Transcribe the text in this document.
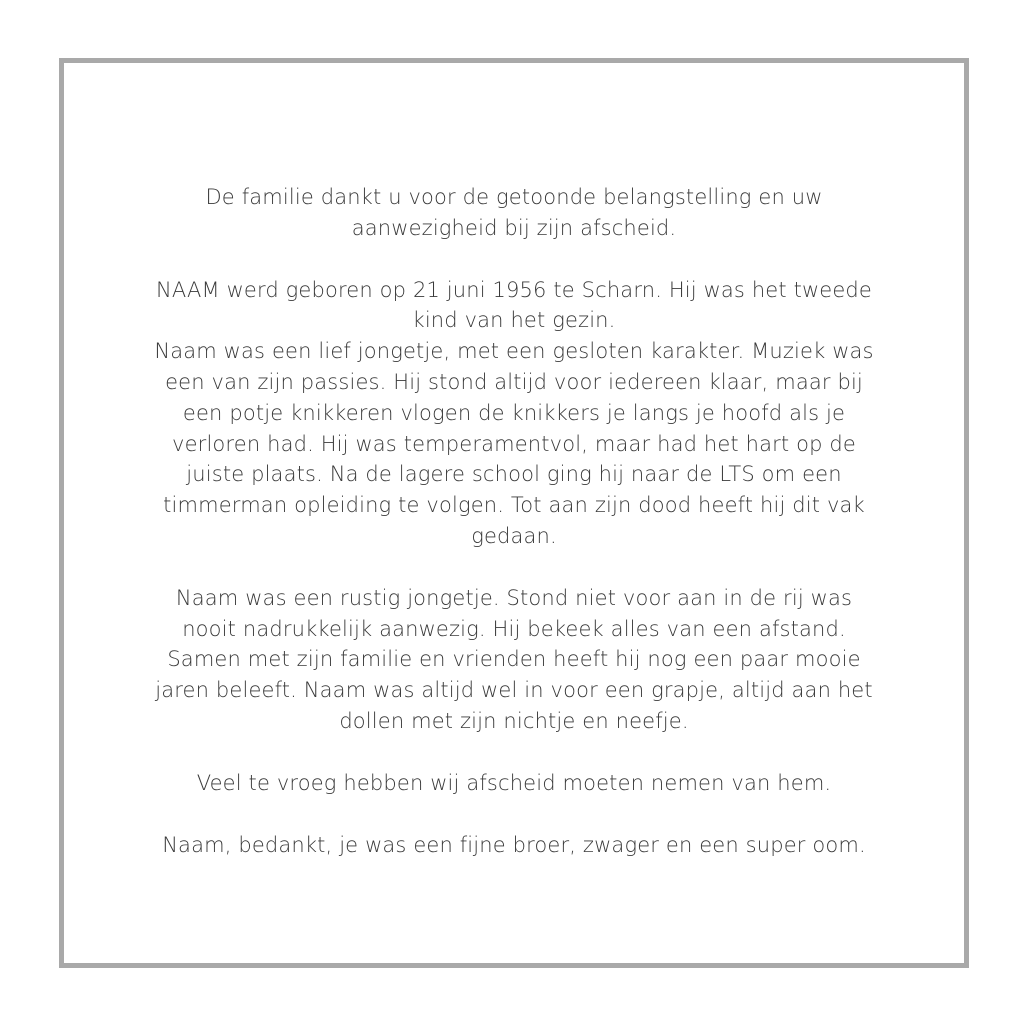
De familie dankt u voor de getoonde belangstelling en uw

aanwezigheid bij zijn afscheid.

NAAM werd geboren op 21 juni 1956 te Scharn. Hij was het tweede

kind van het gezin.

Naam was een lief jongetje, met een gesloten karakter. Muziek was

een van zijn passies. Hij stond altijd voor iedereen klaar, maar bij

een potje knikkeren vlogen de knikkers je langs je hoofd als je

verloren had. Hij was temperamentvol, maar had het hart op de

juiste plaats. Na de lagere school ging hij naar de LTS om een

timmerman opleiding te volgen. Tot aan zijn dood heeft hij dit vak

gedaan.

Naam was een rustig jongetje. Stond niet voor aan in de rij was

nooit nadrukkelijk aanwezig. Hij bekeek alles van een afstand.

Samen met zijn familie en vrienden heeft hij nog een paar mooie

jaren beleeft. Naam was altijd wel in voor een grapje, altijd aan het

dollen met zijn nichtje en neefje.

Veel te vroeg hebben wij afscheid moeten nemen van hem.

Naam, bedankt, je was een fijne broer, zwager en een super oom.
